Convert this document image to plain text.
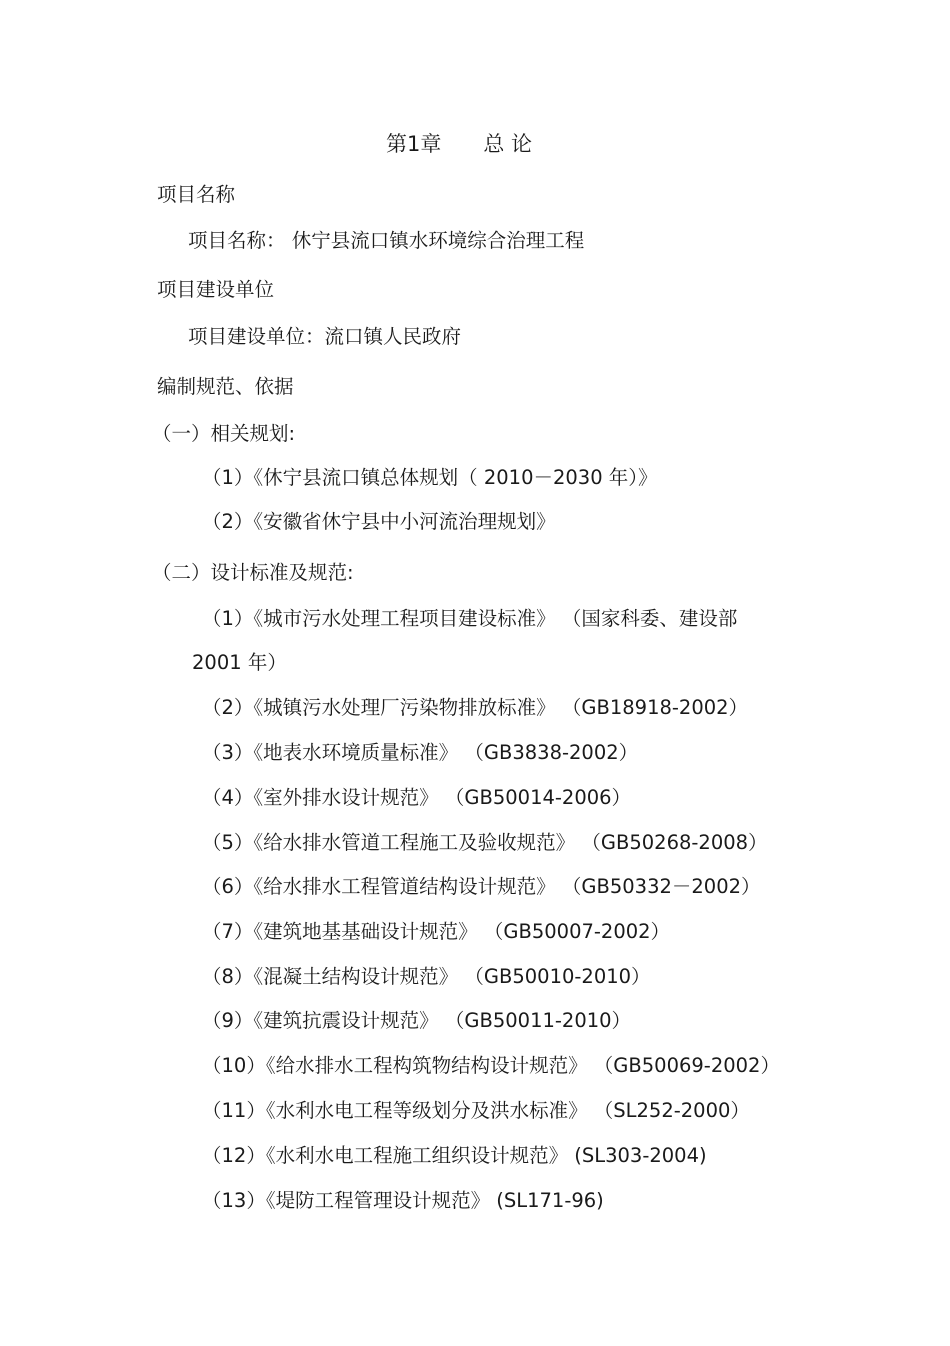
第1章 总 论
项目名称
项目名称： 休宁县流口镇水环境综合治理工程
项目建设单位
项目建设单位：流口镇人民政府
编制规范、依据
（一）相关规划:
（1）《休宁县流口镇总体规划（ 2010－2030 年）》
（2）《安徽省休宁县中小河流治理规划》
（二）设计标准及规范:
（1）《城市污水处理工程项目建设标准》 （国家科委、建设部
2001 年）
（2）《城镇污水处理厂污染物排放标准》 （GB18918-2002）
（3）《地表水环境质量标准》 （GB3838-2002）
（4）《室外排水设计规范》 （GB50014-2006）
（5）《给水排水管道工程施工及验收规范》 （GB50268-2008）
（6）《给水排水工程管道结构设计规范》 （GB50332－2002）
（7）《建筑地基基础设计规范》 （GB50007-2002）
（8）《混凝土结构设计规范》 （GB50010-2010）
（9）《建筑抗震设计规范》 （GB50011-2010）
（10）《给水排水工程构筑物结构设计规范》 （GB50069-2002）
（11）《水利水电工程等级划分及洪水标准》 （SL252-2000）
（12）《水利水电工程施工组织设计规范》 (SL303-2004)
（13）《堤防工程管理设计规范》 (SL171-96)
